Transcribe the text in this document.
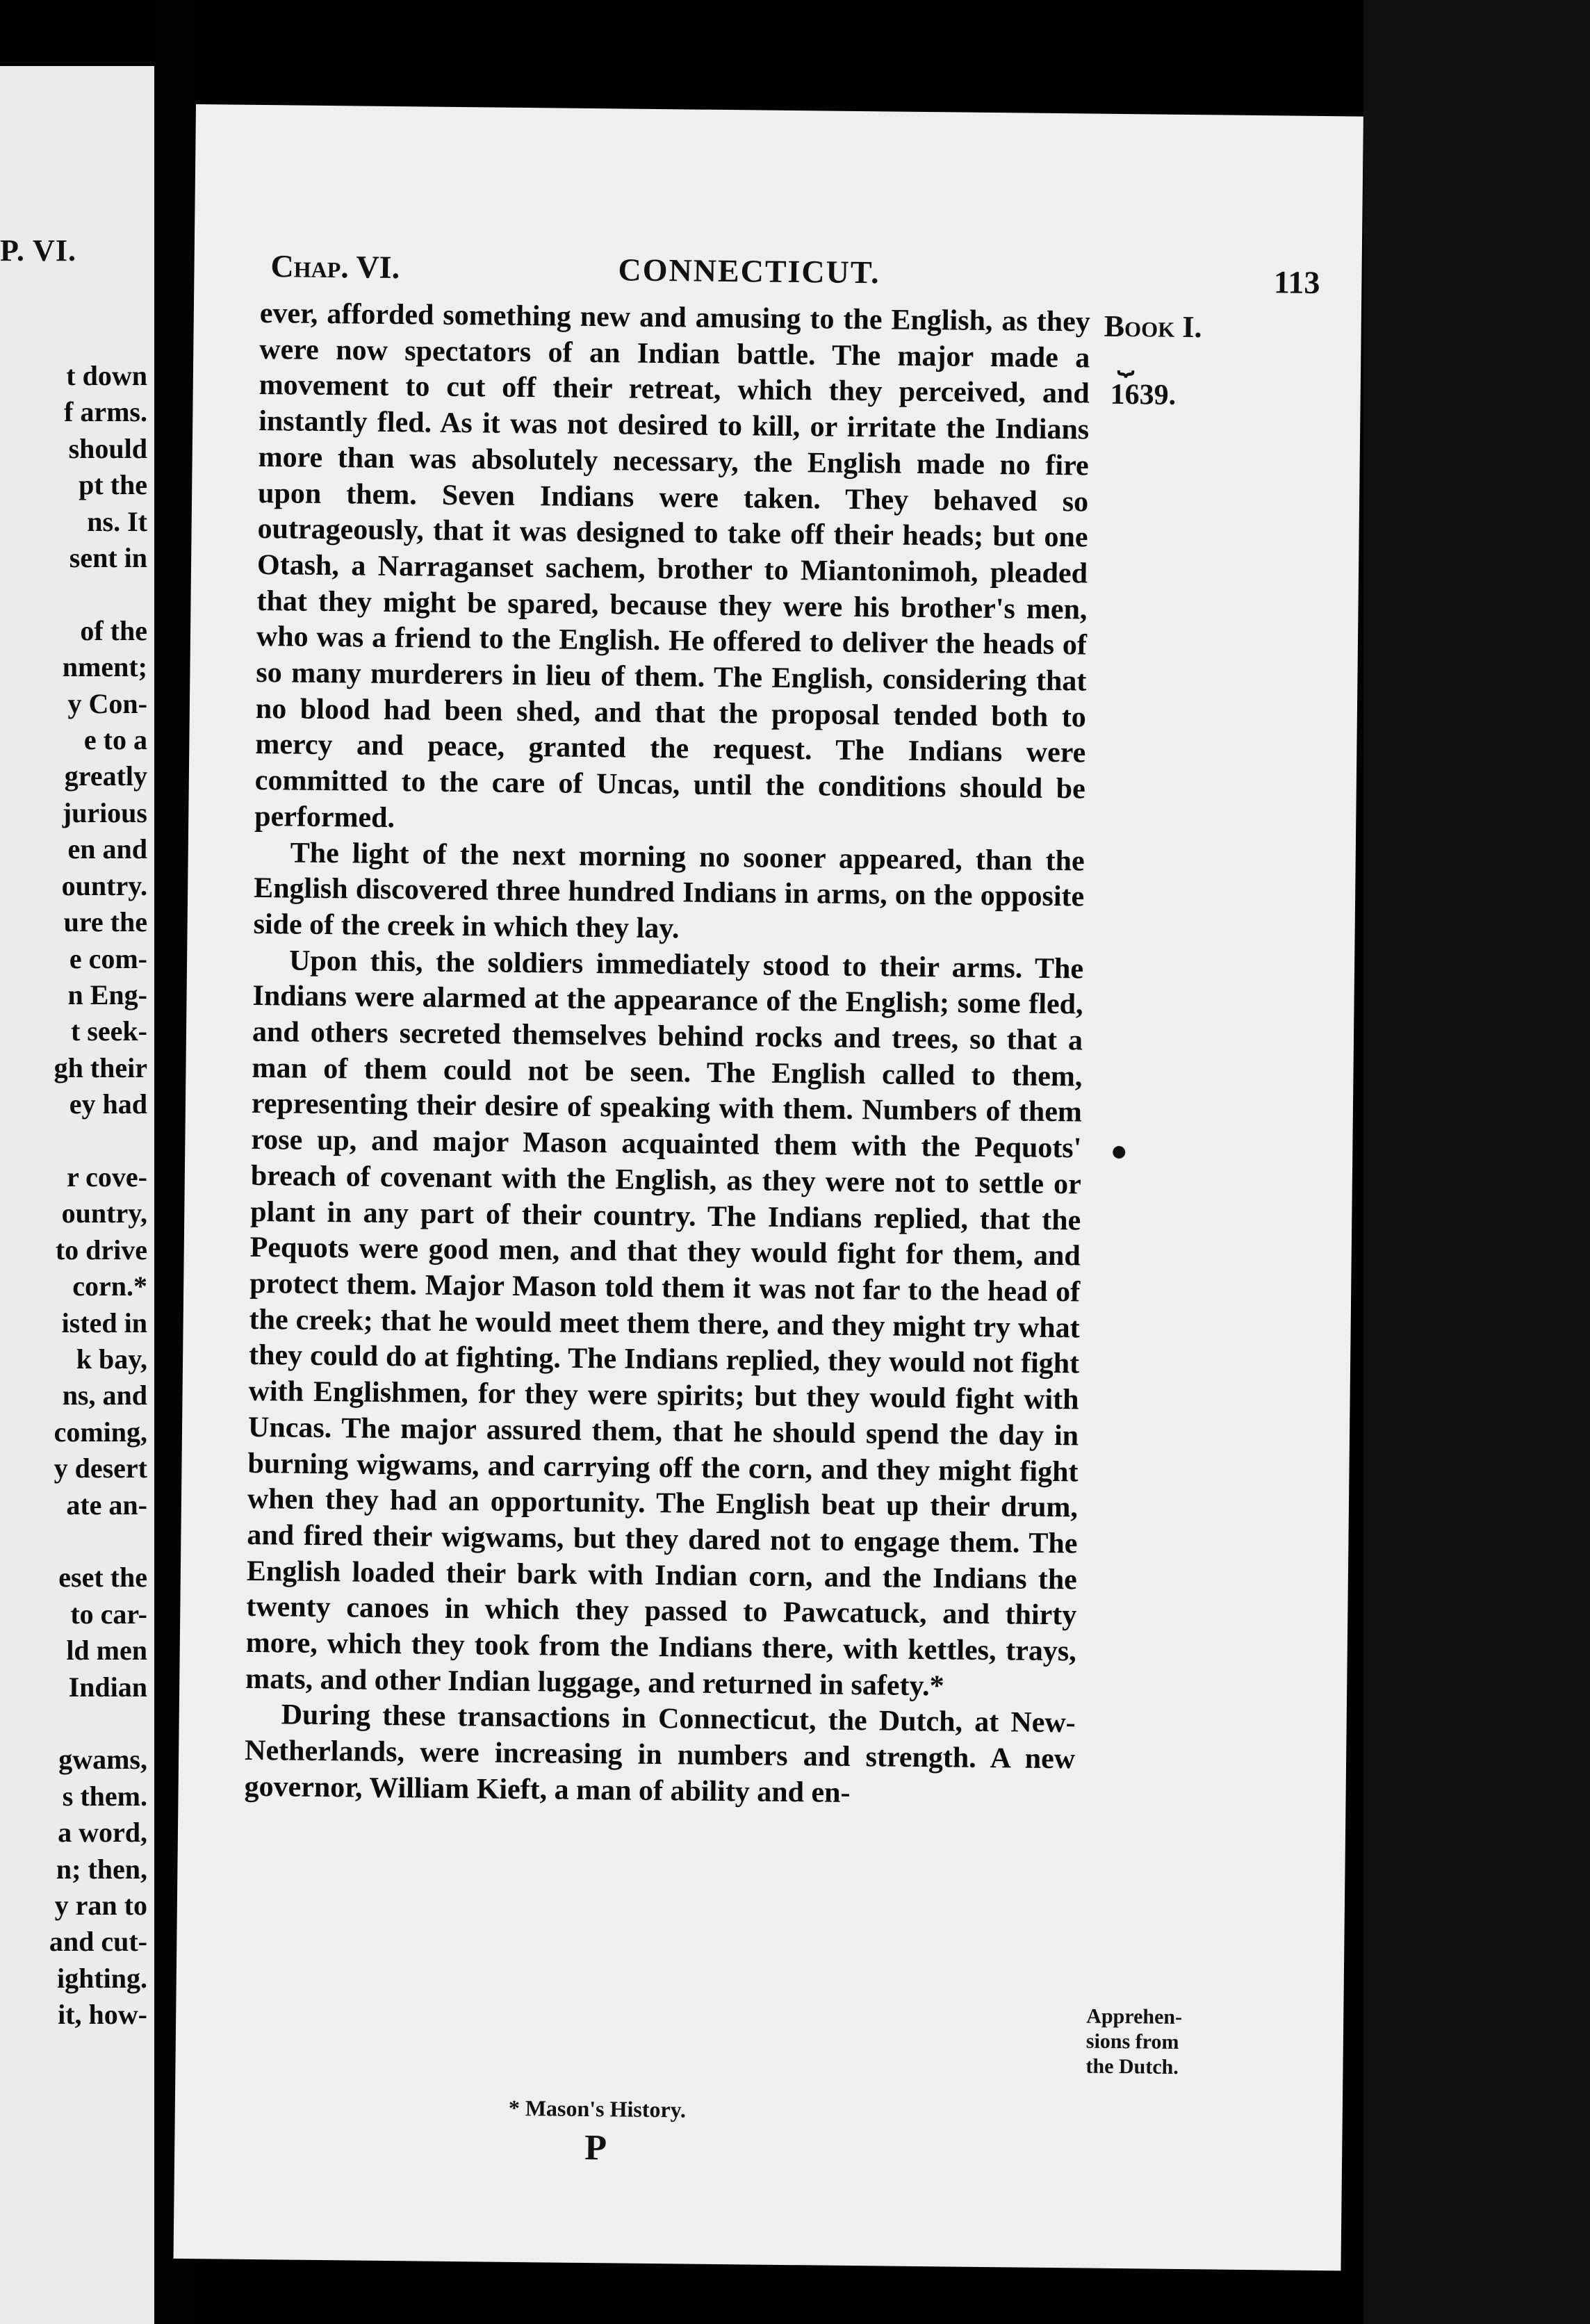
P. VI.
t down
f arms.
should
pt the
ns. It
sent in

of the
nment;
y Con-
e to a
greatly
jurious
en and
ountry.
ure the
e com-
n Eng-
t seek-
gh their
ey had

r cove-
ountry,
to drive
corn.*
isted in
k bay,
ns, and
coming,
y desert
ate an-

eset the
to car-
ld men
Indian

gwams,
s them.
a word,
n; then,
y ran to
and cut-
ighting.
it, how-
Chap. VI.	CONNECTICUT.	113

ever, afforded something new and amusing to the English, as they were now spectators of an Indian battle. The major made a movement to cut off their retreat, which they perceived, and instantly fled. As it was not desired to kill, or irritate the Indians more than was absolutely necessary, the English made no fire upon them. Seven Indians were taken. They behaved so outrageously, that it was designed to take off their heads; but one Otash, a Narraganset sachem, brother to Miantonimoh, pleaded that they might be spared, because they were his brother's men, who was a friend to the English. He offered to deliver the heads of so many murderers in lieu of them. The English, considering that no blood had been shed, and that the proposal tended both to mercy and peace, granted the request. The Indians were committed to the care of Uncas, until the conditions should be performed.

The light of the next morning no sooner appeared, than the English discovered three hundred Indians in arms, on the opposite side of the creek in which they lay.

Upon this, the soldiers immediately stood to their arms. The Indians were alarmed at the appearance of the English; some fled, and others secreted themselves behind rocks and trees, so that a man of them could not be seen. The English called to them, representing their desire of speaking with them. Numbers of them rose up, and major Mason acquainted them with the Pequots' breach of covenant with the English, as they were not to settle or plant in any part of their country. The Indians replied, that the Pequots were good men, and that they would fight for them, and protect them. Major Mason told them it was not far to the head of the creek; that he would meet them there, and they might try what they could do at fighting. The Indians replied, they would not fight with Englishmen, for they were spirits; but they would fight with Uncas. The major assured them, that he should spend the day in burning wigwams, and carrying off the corn, and they might fight when they had an opportunity. The English beat up their drum, and fired their wigwams, but they dared not to engage them. The English loaded their bark with Indian corn, and the Indians the twenty canoes in which they passed to Pawcatuck, and thirty more, which they took from the Indians there, with kettles, trays, mats, and other Indian luggage, and returned in safety.*

During these transactions in Connecticut, the Dutch, at New-Netherlands, were increasing in numbers and strength. A new governor, William Kieft, a man of ability and en-

Book I.
⏟
1639.
Apprehen- sions from the Dutch.
* Mason's History.
P
